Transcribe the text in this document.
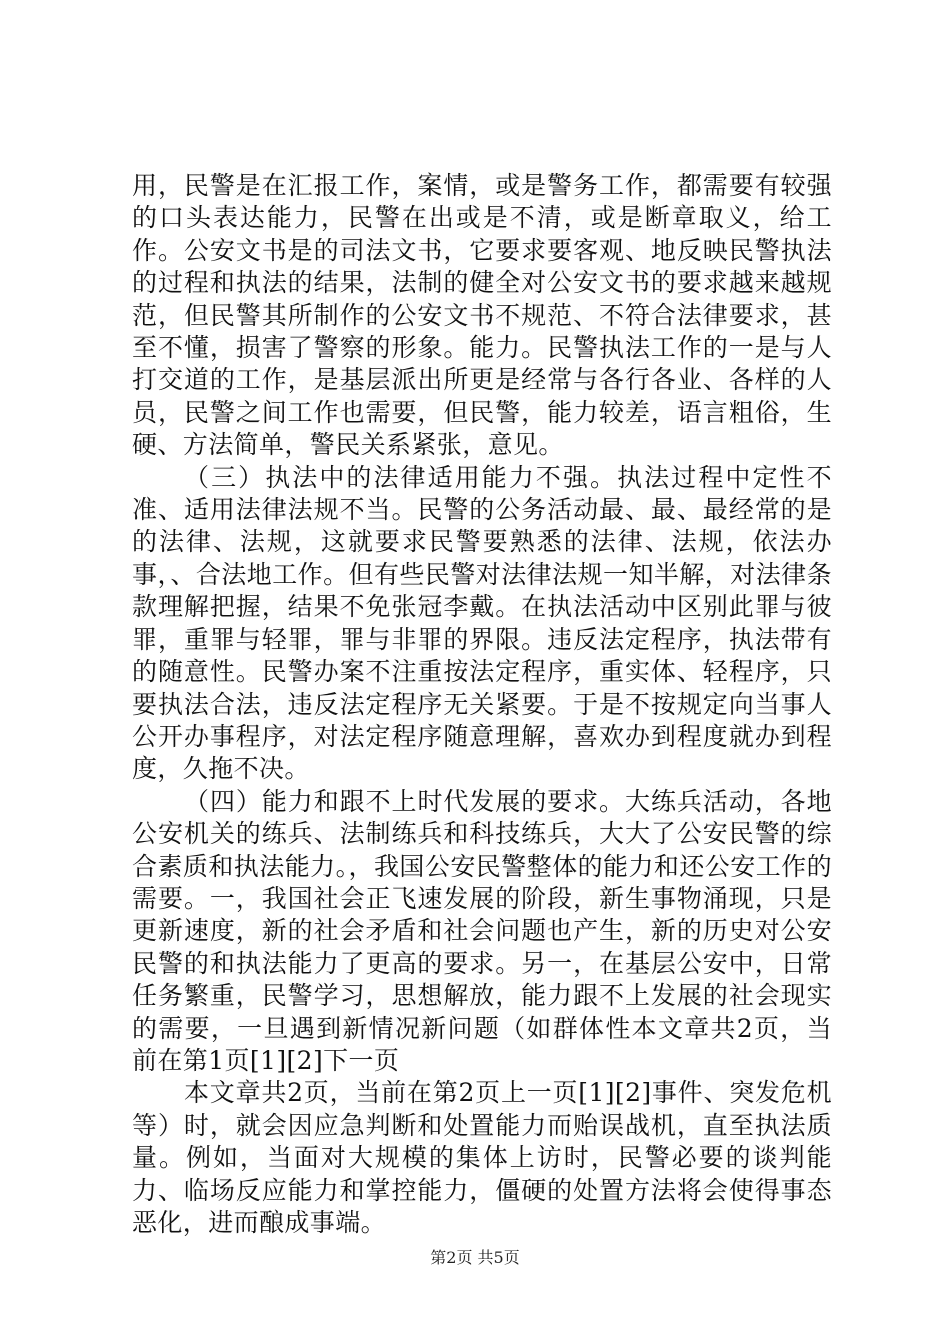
用，民警是在汇报工作，案情，或是警务工作，都需要有较强的口头表达能力，民警在出或是不清，或是断章取义，给工作。公安文书是的司法文书，它要求要客观、地反映民警执法的过程和执法的结果，法制的健全对公安文书的要求越来越规范，但民警其所制作的公安文书不规范、不符合法律要求，甚至不懂，损害了警察的形象。能力。民警执法工作的一是与人打交道的工作，是基层派出所更是经常与各行各业、各样的人员，民警之间工作也需要，但民警，能力较差，语言粗俗，生硬、方法简单，警民关系紧张，意见。

（三）执法中的法律适用能力不强。执法过程中定性不准、适用法律法规不当。民警的公务活动最、最、最经常的是的法律、法规，这就要求民警要熟悉的法律、法规，依法办事，、合法地工作。但有些民警对法律法规一知半解，对法律条款理解把握，结果不免张冠李戴。在执法活动中区别此罪与彼罪，重罪与轻罪，罪与非罪的界限。违反法定程序，执法带有的随意性。民警办案不注重按法定程序，重实体、轻程序，只要执法合法，违反法定程序无关紧要。于是不按规定向当事人公开办事程序，对法定程序随意理解，喜欢办到程度就办到程度，久拖不决。

（四）能力和跟不上时代发展的要求。大练兵活动，各地公安机关的练兵、法制练兵和科技练兵，大大了公安民警的综合素质和执法能力。，我国公安民警整体的能力和还公安工作的需要。一，我国社会正飞速发展的阶段，新生事物涌现，只是更新速度，新的社会矛盾和社会问题也产生，新的历史对公安民警的和执法能力了更高的要求。另一，在基层公安中，日常任务繁重，民警学习，思想解放，能力跟不上发展的社会现实的需要，一旦遇到新情况新问题（如群体性本文章共2页，当前在第1页[1][2]下一页

本文章共2页，当前在第2页上一页[1][2]事件、突发危机等）时，就会因应急判断和处置能力而贻误战机，直至执法质量。例如，当面对大规模的集体上访时，民警必要的谈判能力、临场反应能力和掌控能力，僵硬的处置方法将会使得事态恶化，进而酿成事端。

第2页 共5页
